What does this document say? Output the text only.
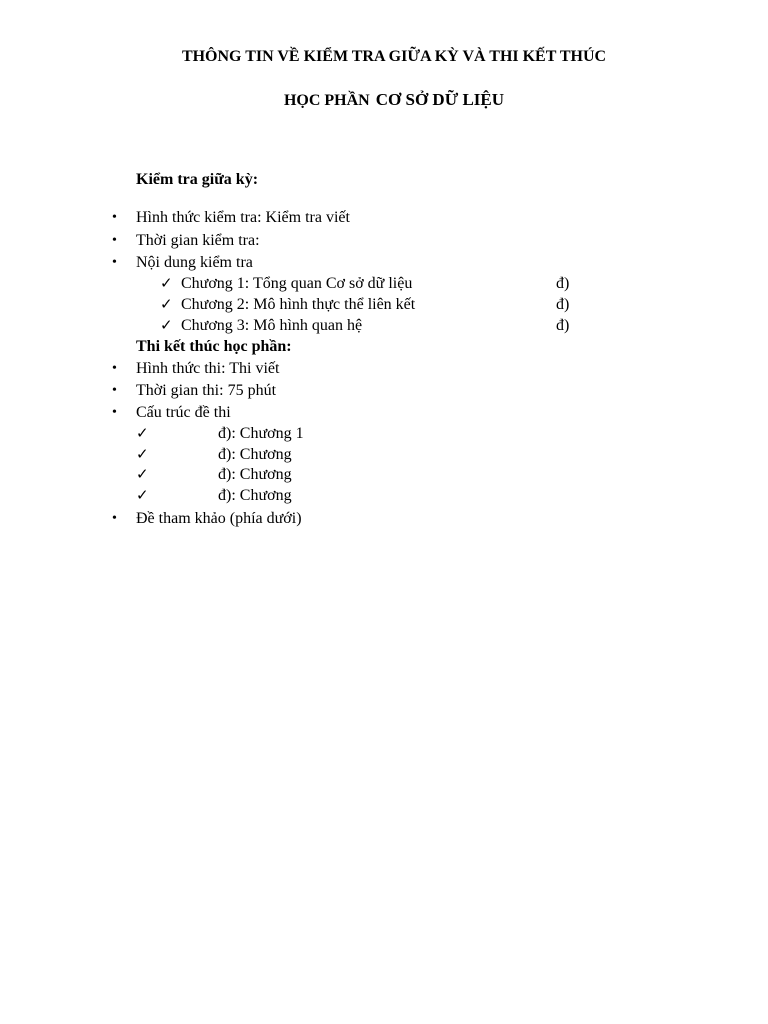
THÔNG TIN VỀ KIỂM TRA GIỮA KỲ VÀ THI KẾT THÚC
HỌC PHẦN CƠ SỞ DỮ LIỆU
Kiểm tra giữa kỳ:
•	Hình thức kiểm tra: Kiểm tra viết
•	Thời gian kiểm tra:
•	Nội dung kiểm tra
✓ Chương 1: Tổng quan Cơ sở dữ liệu	đ)
✓ Chương 2: Mô hình thực thể liên kết	đ)
✓ Chương 3: Mô hình quan hệ	đ)
Thi kết thúc học phần:
•	Hình thức thi: Thi viết
•	Thời gian thi: 75 phút
•	Cấu trúc đề thi
✓	đ): Chương 1
✓	đ): Chương
✓	đ): Chương
✓	đ): Chương
•	Đề tham khảo (phía dưới)
